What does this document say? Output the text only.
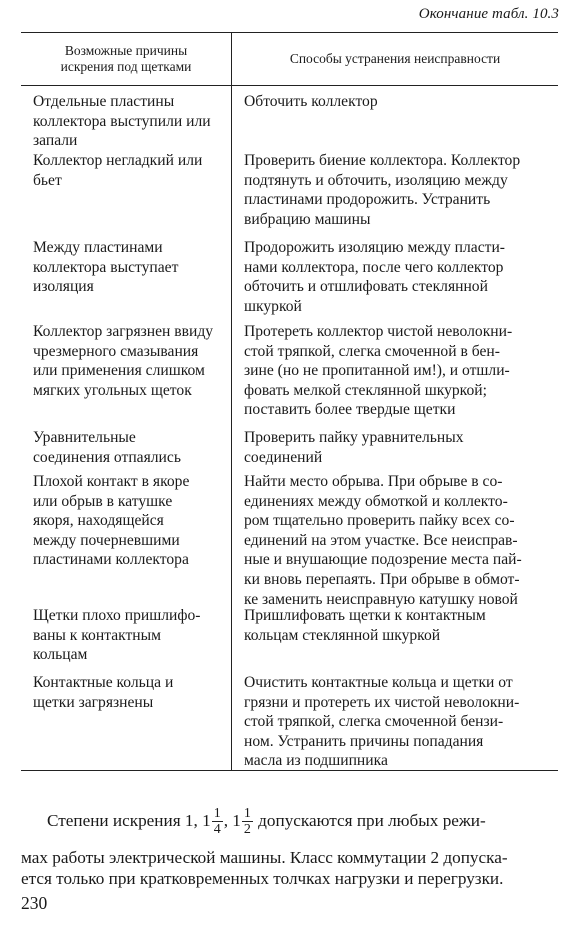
Окончание табл. 10.3
Возможные причины искрения под щетками
Способы устранения неисправности
Отдельные пластины
коллектора выступили или
запали
Обточить коллектор
Коллектор негладкий или
бьет
Проверить биение коллектора. Коллектор
подтянуть и обточить, изоляцию между
пластинами продорожить. Устранить
вибрацию машины
Между пластинами
коллектора выступает
изоляция
Продорожить изоляцию между пласти-
нами коллектора, после чего коллектор
обточить и отшлифовать стеклянной
шкуркой
Коллектор загрязнен ввиду
чрезмерного смазывания
или применения слишком
мягких угольных щеток
Протереть коллектор чистой неволокни-
стой тряпкой, слегка смоченной в бен-
зине (но не пропитанной им!), и отшли-
фовать мелкой стеклянной шкуркой;
поставить более твердые щетки
Уравнительные
соединения отпаялись
Проверить пайку уравнительных
соединений
Плохой контакт в якоре
или обрыв в катушке
якоря, находящейся
между почерневшими
пластинами коллектора
Найти место обрыва. При обрыве в со-
единениях между обмоткой и коллекто-
ром тщательно проверить пайку всех со-
единений на этом участке. Все неисправ-
ные и внушающие подозрение места пай-
ки вновь перепаять. При обрыве в обмот-
ке заменить неисправную катушку новой
Щетки плохо пришлифо-
ваны к контактным
кольцам
Пришлифовать щетки к контактным
кольцам стеклянной шкуркой
Контактные кольца и
щетки загрязнены
Очистить контактные кольца и щетки от
грязни и протереть их чистой неволокни-
стой тряпкой, слегка смоченной бензи-
ном. Устранить причины попадания
масла из подшипника
Степени искрения 1, $1 \frac{1}{4}$ , $1 \frac{1}{2}$ допускаются при любых режи-
мах работы электрической машины. Класс коммутации 2 допуска-
ется только при кратковременных толчках нагрузки и перегрузки.
230
